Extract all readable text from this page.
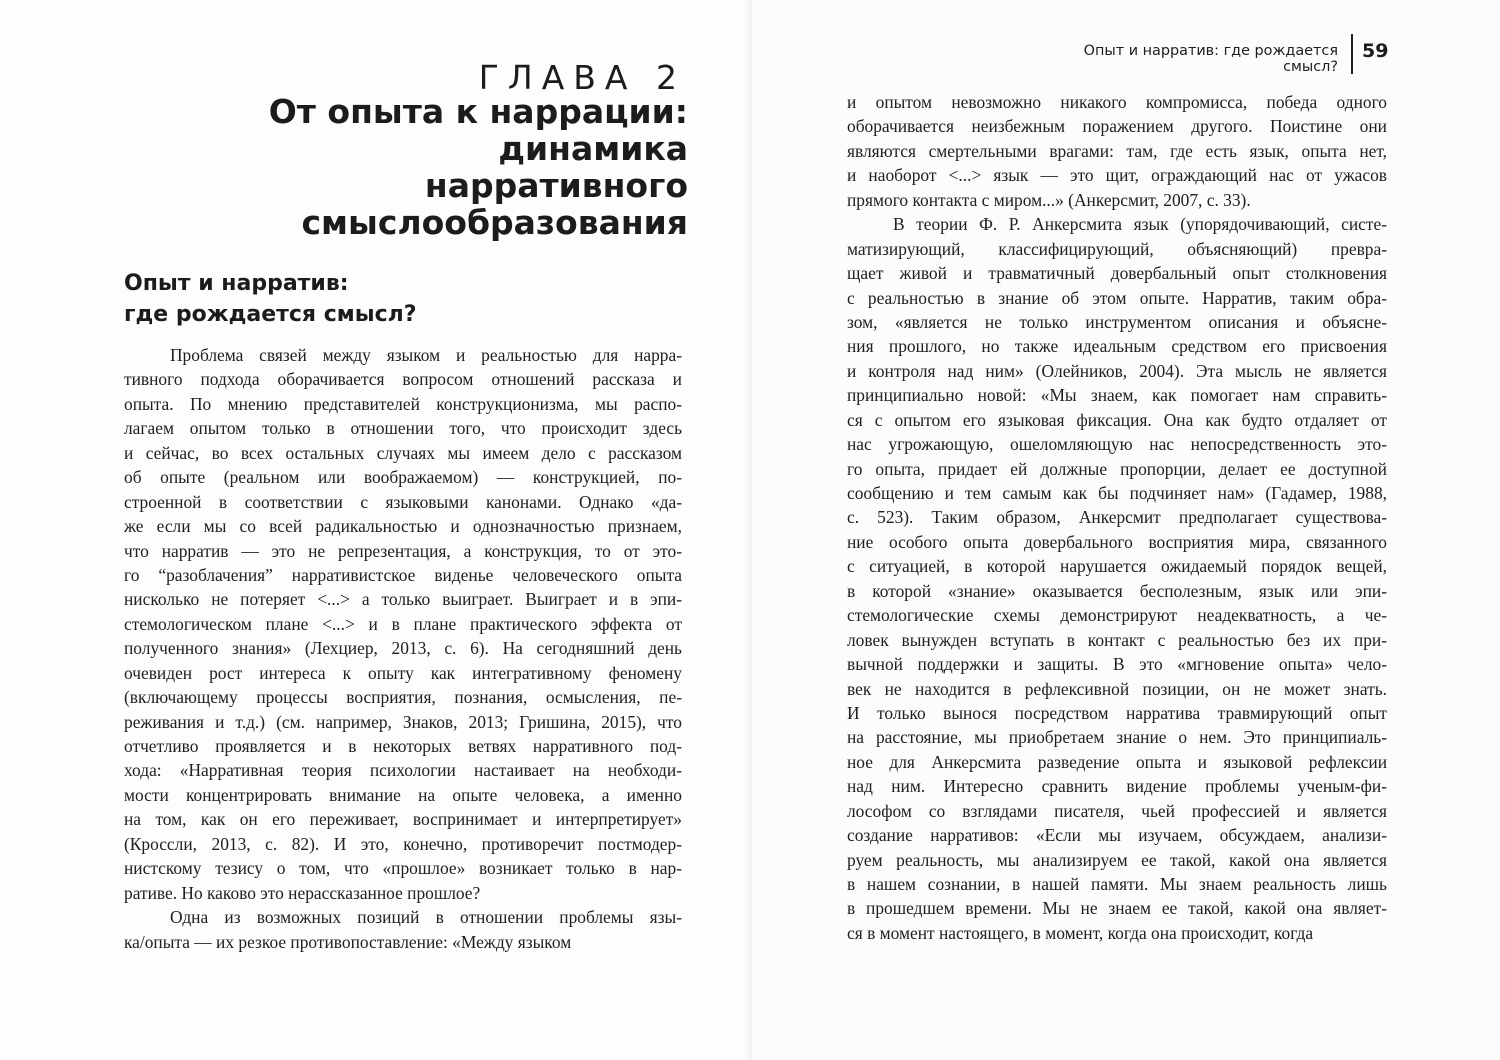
ГЛАВА 2
От опыта к наррации: динамика
нарративного смыслообразования
Опыт и нарратив:
где рождается смысл?
Проблема связей между языком и реальностью для нарра-
тивного подхода оборачивается вопросом отношений рассказа и
опыта. По мнению представителей конструкционизма, мы распо-
лагаем опытом только в отношении того, что происходит здесь
и сейчас, во всех остальных случаях мы имеем дело с рассказом
об опыте (реальном или воображаемом) — конструкцией, по-
строенной в соответствии с языковыми канонами. Однако «да-
же если мы со всей радикальностью и однозначностью признаем,
что нарратив — это не репрезентация, а конструкция, то от это-
го “разоблачения” нарративистское виденье человеческого опыта
нисколько не потеряет <...> а только выиграет. Выиграет и в эпи-
стемологическом плане <...> и в плане практического эффекта от
полученного знания» (Лехциер, 2013, с. 6). На сегодняшний день
очевиден рост интереса к опыту как интегративному феномену
(включающему процессы восприятия, познания, осмысления, пе-
реживания и т.д.) (см. например, Знаков, 2013; Гришина, 2015), что
отчетливо проявляется и в некоторых ветвях нарративного под-
хода: «Нарративная теория психологии настаивает на необходи-
мости концентрировать внимание на опыте человека, а именно
на том, как он его переживает, воспринимает и интерпретирует»
(Кроссли, 2013, с. 82). И это, конечно, противоречит постмодер-
нистскому тезису о том, что «прошлое» возникает только в нар-
ративе. Но каково это нерассказанное прошлое?
Одна из возможных позиций в отношении проблемы язы-
ка/опыта — их резкое противопоставление: «Между языком
Опыт и нарратив: где рождается смысл?
59
и опытом невозможно никакого компромисса, победа одного
оборачивается неизбежным поражением другого. Поистине они
являются смертельными врагами: там, где есть язык, опыта нет,
и наоборот <...> язык — это щит, ограждающий нас от ужасов
прямого контакта с миром...» (Анкерсмит, 2007, с. 33).
В теории Ф. Р. Анкерсмита язык (упорядочивающий, систе-
матизирующий, классифицирующий, объясняющий) превра-
щает живой и травматичный довербальный опыт столкновения
с реальностью в знание об этом опыте. Нарратив, таким обра-
зом, «является не только инструментом описания и объясне-
ния прошлого, но также идеальным средством его присвоения
и контроля над ним» (Олейников, 2004). Эта мысль не является
принципиально новой: «Мы знаем, как помогает нам справить-
ся с опытом его языковая фиксация. Она как будто отдаляет от
нас угрожающую, ошеломляющую нас непосредственность это-
го опыта, придает ей должные пропорции, делает ее доступной
сообщению и тем самым как бы подчиняет нам» (Гадамер, 1988,
с. 523). Таким образом, Анкерсмит предполагает существова-
ние особого опыта довербального восприятия мира, связанного
с ситуацией, в которой нарушается ожидаемый порядок вещей,
в которой «знание» оказывается бесполезным, язык или эпи-
стемологические схемы демонстрируют неадекватность, а че-
ловек вынужден вступать в контакт с реальностью без их при-
вычной поддержки и защиты. В это «мгновение опыта» чело-
век не находится в рефлексивной позиции, он не может знать.
И только вынося посредством нарратива травмирующий опыт
на расстояние, мы приобретаем знание о нем. Это принципиаль-
ное для Анкерсмита разведение опыта и языковой рефлексии
над ним. Интересно сравнить видение проблемы ученым-фи-
лософом со взглядами писателя, чьей профессией и является
создание нарративов: «Если мы изучаем, обсуждаем, анализи-
руем реальность, мы анализируем ее такой, какой она является
в нашем сознании, в нашей памяти. Мы знаем реальность лишь
в прошедшем времени. Мы не знаем ее такой, какой она являет-
ся в момент настоящего, в момент, когда она происходит, когда
